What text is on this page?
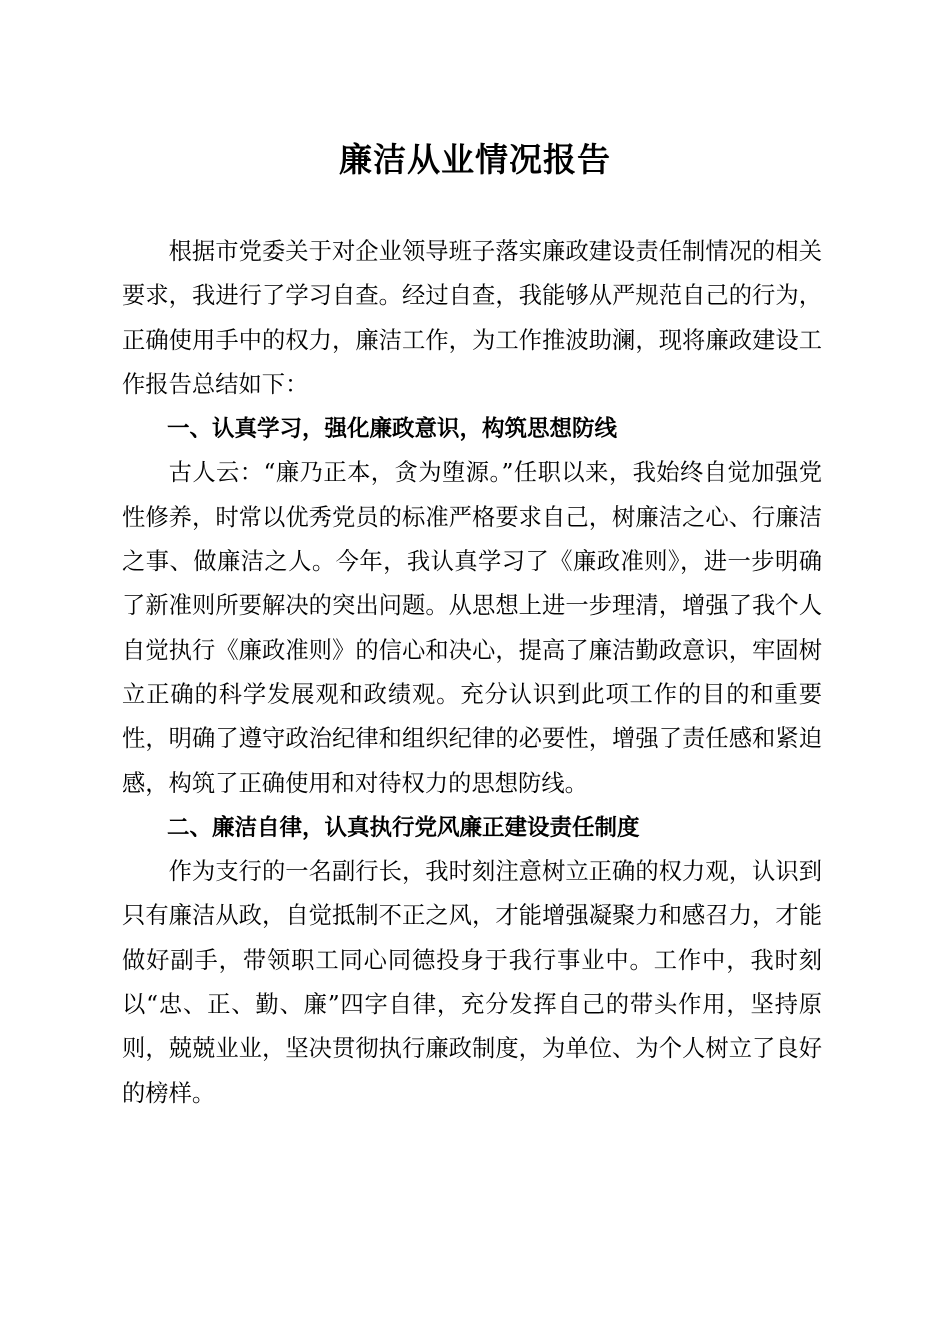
廉洁从业情况报告

根据市党委关于对企业领导班子落实廉政建设责任制情况的相关要求，我进行了学习自查。经过自查，我能够从严规范自己的行为，正确使用手中的权力，廉洁工作，为工作推波助澜，现将廉政建设工作报告总结如下：

一、认真学习，强化廉政意识，构筑思想防线

古人云：“廉乃正本，贪为堕源。”任职以来，我始终自觉加强党性修养，时常以优秀党员的标准严格要求自己，树廉洁之心、行廉洁之事、做廉洁之人。今年，我认真学习了《廉政准则》，进一步明确了新准则所要解决的突出问题。从思想上进一步理清，增强了我个人自觉执行《廉政准则》的信心和决心，提高了廉洁勤政意识，牢固树立正确的科学发展观和政绩观。充分认识到此项工作的目的和重要性，明确了遵守政治纪律和组织纪律的必要性，增强了责任感和紧迫感，构筑了正确使用和对待权力的思想防线。

二、廉洁自律，认真执行党风廉正建设责任制度

作为支行的一名副行长，我时刻注意树立正确的权力观，认识到只有廉洁从政，自觉抵制不正之风，才能增强凝聚力和感召力，才能做好副手，带领职工同心同德投身于我行事业中。工作中，我时刻以“忠、正、勤、廉”四字自律，充分发挥自己的带头作用，坚持原则，兢兢业业，坚决贯彻执行廉政制度，为单位、为个人树立了良好的榜样。
